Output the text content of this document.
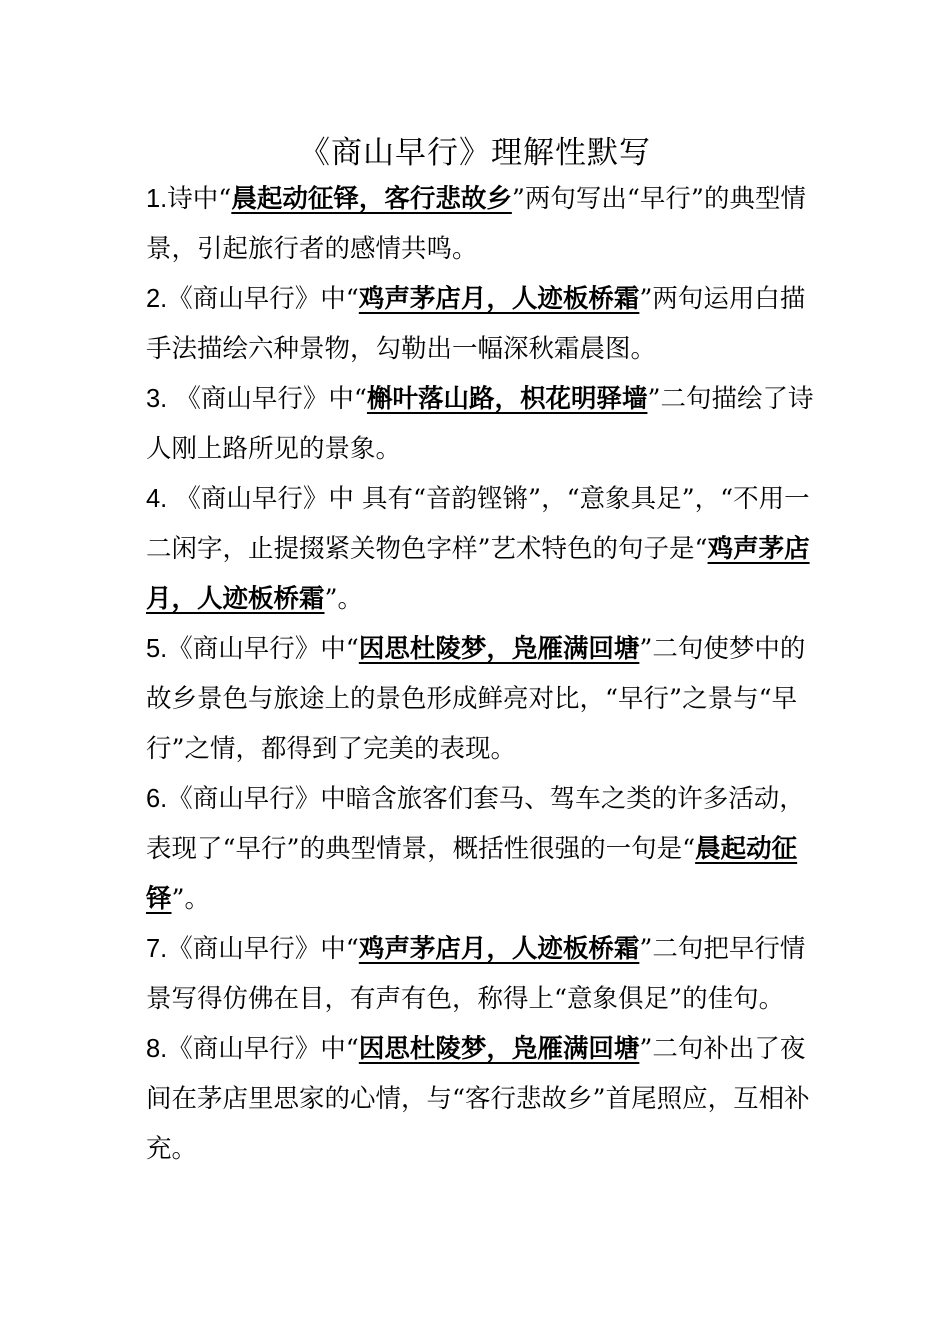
《商山早行》理解性默写

1.诗中“晨起动征铎，客行悲故乡”两句写出“早行”的典型情景，引起旅行者的感情共鸣。

2.《商山早行》中“鸡声茅店月，人迹板桥霜”两句运用白描手法描绘六种景物，勾勒出一幅深秋霜晨图。

3. 《商山早行》中“槲叶落山路，枳花明驿墙”二句描绘了诗人刚上路所见的景象。

4. 《商山早行》中 具有“音韵铿锵”，“意象具足”，“不用一二闲字，止提掇紧关物色字样”艺术特色的句子是“鸡声茅店月，人迹板桥霜”。

5.《商山早行》中“因思杜陵梦，凫雁满回塘”二句使梦中的故乡景色与旅途上的景色形成鲜亮对比，“早行”之景与“早行”之情，都得到了完美的表现。

6.《商山早行》中暗含旅客们套马、驾车之类的许多活动，表现了“早行”的典型情景，概括性很强的一句是“晨起动征铎”。

7.《商山早行》中“鸡声茅店月，人迹板桥霜”二句把早行情景写得仿佛在目，有声有色，称得上“意象俱足”的佳句。

8.《商山早行》中“因思杜陵梦，凫雁满回塘”二句补出了夜间在茅店里思家的心情，与“客行悲故乡”首尾照应，互相补充。
